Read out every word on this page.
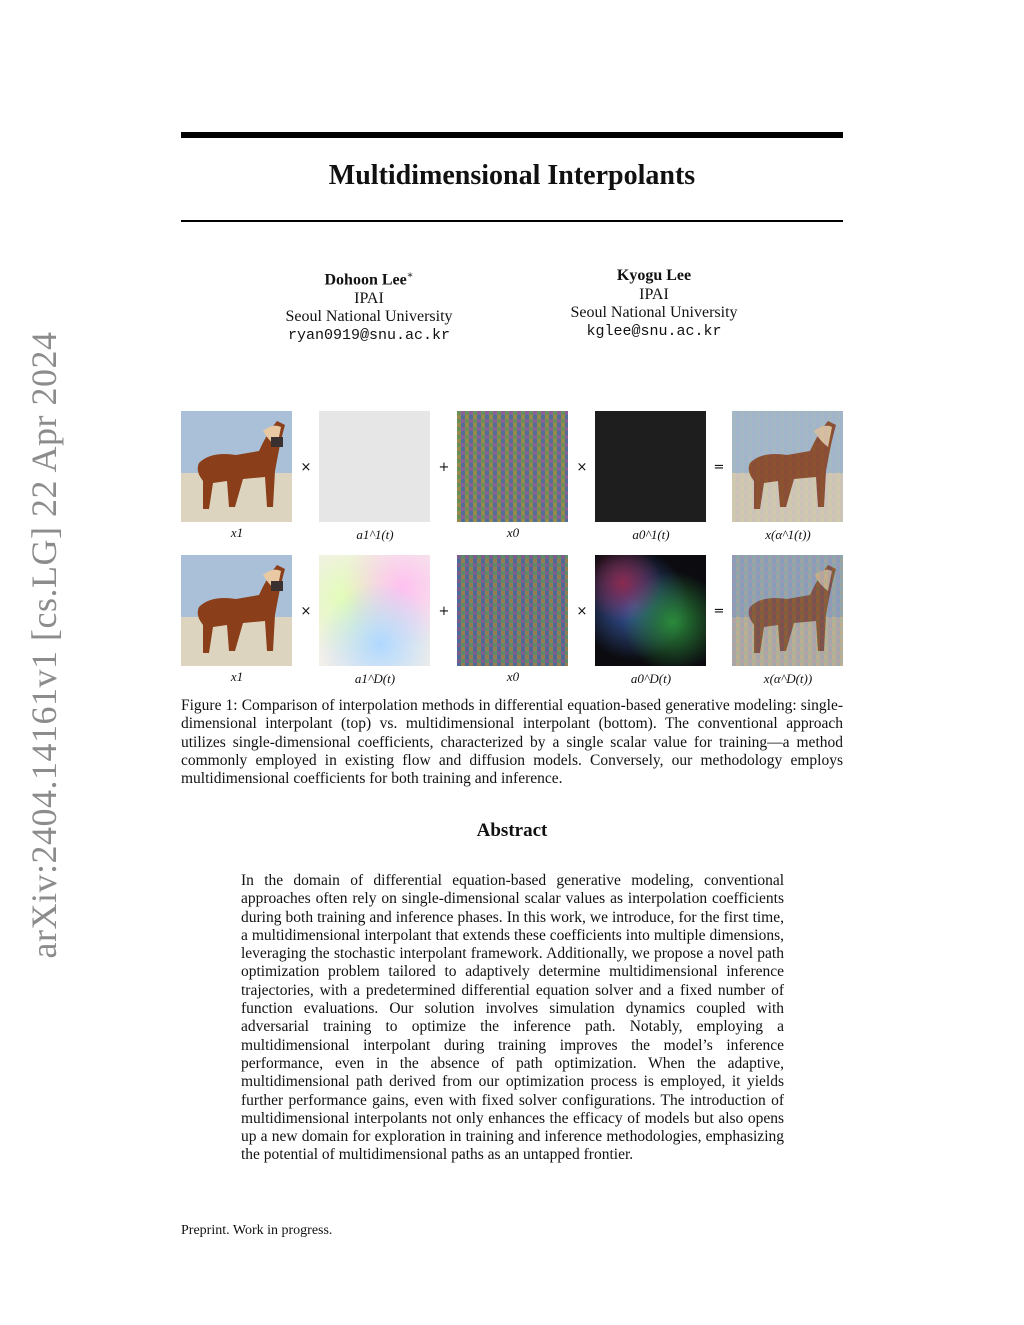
arXiv:2404.14161v1 [cs.LG] 22 Apr 2024
Multidimensional Interpolants
Dohoon Lee∗
IPAI
Seoul National University
ryan0919@snu.ac.kr
Kyogu Lee
IPAI
Seoul National University
kglee@snu.ac.kr
×	+	×	=
x1	a1^1(t)	x0	a0^1(t)	x(α^1(t))
×	+	×	=
x1	a1^D(t)	x0	a0^D(t)	x(α^D(t))
Figure 1: Comparison of interpolation methods in differential equation-based generative modeling: single-dimensional interpolant (top) vs. multidimensional interpolant (bottom). The conventional approach utilizes single-dimensional coefficients, characterized by a single scalar value for training—a method commonly employed in existing flow and diffusion models. Conversely, our methodology employs multidimensional coefficients for both training and inference.
Abstract
In the domain of differential equation-based generative modeling, conventional approaches often rely on single-dimensional scalar values as interpolation coefficients during both training and inference phases. In this work, we introduce, for the first time, a multidimensional interpolant that extends these coefficients into multiple dimensions, leveraging the stochastic interpolant framework. Additionally, we propose a novel path optimization problem tailored to adaptively determine multidimensional inference trajectories, with a predetermined differential equation solver and a fixed number of function evaluations. Our solution involves simulation dynamics coupled with adversarial training to optimize the inference path. Notably, employing a multidimensional interpolant during training improves the model’s inference performance, even in the absence of path optimization. When the adaptive, multidimensional path derived from our optimization process is employed, it yields further performance gains, even with fixed solver configurations. The introduction of multidimensional interpolants not only enhances the efficacy of models but also opens up a new domain for exploration in training and inference methodologies, emphasizing the potential of multidimensional paths as an untapped frontier.
Preprint. Work in progress.
